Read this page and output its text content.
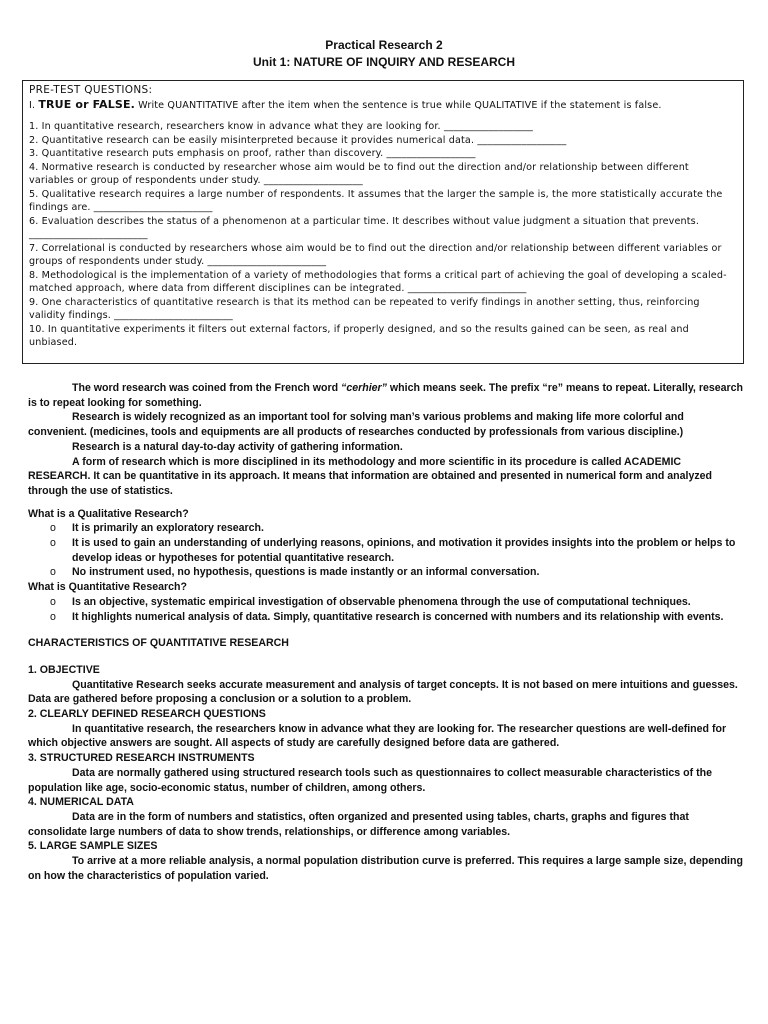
Practical Research 2
Unit 1: NATURE OF INQUIRY AND RESEARCH

PRE-TEST QUESTIONS:

I. TRUE or FALSE. Write QUANTITATIVE after the item when the sentence is true while QUALITATIVE if the statement is false.

1. In quantitative research, researchers know in advance what they are looking for. __________________

2. Quantitative research can be easily misinterpreted because it provides numerical data. __________________

3. Quantitative research puts emphasis on proof, rather than discovery. __________________

4. Normative research is conducted by researcher whose aim would be to find out the direction and/or relationship between different variables or group of respondents under study. ____________________

5. Qualitative research requires a large number of respondents. It assumes that the larger the sample is, the more statistically accurate the findings are. ________________________

6. Evaluation describes the status of a phenomenon at a particular time. It describes without value judgment a situation that prevents. ________________________

7. Correlational is conducted by researchers whose aim would be to find out the direction and/or relationship between different variables or groups of respondents under study. ________________________

8. Methodological is the implementation of a variety of methodologies that forms a critical part of achieving the goal of developing a scaled-matched approach, where data from different disciplines can be integrated. ________________________

9. One characteristics of quantitative research is that its method can be repeated to verify findings in another setting, thus, reinforcing validity findings. ________________________

10. In quantitative experiments it filters out external factors, if properly designed, and so the results gained can be seen, as real and unbiased.

The word research was coined from the French word “cerhier” which means seek. The prefix “re” means to repeat. Literally, research is to repeat looking for something.

Research is widely recognized as an important tool for solving man’s various problems and making life more colorful and convenient. (medicines, tools and equipments are all products of researches conducted by professionals from various discipline.)

Research is a natural day-to-day activity of gathering information.

A form of research which is more disciplined in its methodology and more scientific in its procedure is called ACADEMIC RESEARCH. It can be quantitative in its approach. It means that information are obtained and presented in numerical form and analyzed through the use of statistics.

What is a Qualitative Research?

o It is primarily an exploratory research.
o It is used to gain an understanding of underlying reasons, opinions, and motivation it provides insights into the problem or helps to develop ideas or hypotheses for potential quantitative research.
o No instrument used, no hypothesis, questions is made instantly or an informal conversation.

What is Quantitative Research?

o Is an objective, systematic empirical investigation of observable phenomena through the use of computational techniques.
o It highlights numerical analysis of data. Simply, quantitative research is concerned with numbers and its relationship with events.

CHARACTERISTICS OF QUANTITATIVE RESEARCH

1. OBJECTIVE

Quantitative Research seeks accurate measurement and analysis of target concepts. It is not based on mere intuitions and guesses. Data are gathered before proposing a conclusion or a solution to a problem.

2. CLEARLY DEFINED RESEARCH QUESTIONS

In quantitative research, the researchers know in advance what they are looking for. The researcher questions are well-defined for which objective answers are sought. All aspects of study are carefully designed before data are gathered.

3. STRUCTURED RESEARCH INSTRUMENTS

Data are normally gathered using structured research tools such as questionnaires to collect measurable characteristics of the population like age, socio-economic status, number of children, among others.

4. NUMERICAL DATA

Data are in the form of numbers and statistics, often organized and presented using tables, charts, graphs and figures that consolidate large numbers of data to show trends, relationships, or difference among variables.

5. LARGE SAMPLE SIZES

To arrive at a more reliable analysis, a normal population distribution curve is preferred. This requires a large sample size, depending on how the characteristics of population varied.
